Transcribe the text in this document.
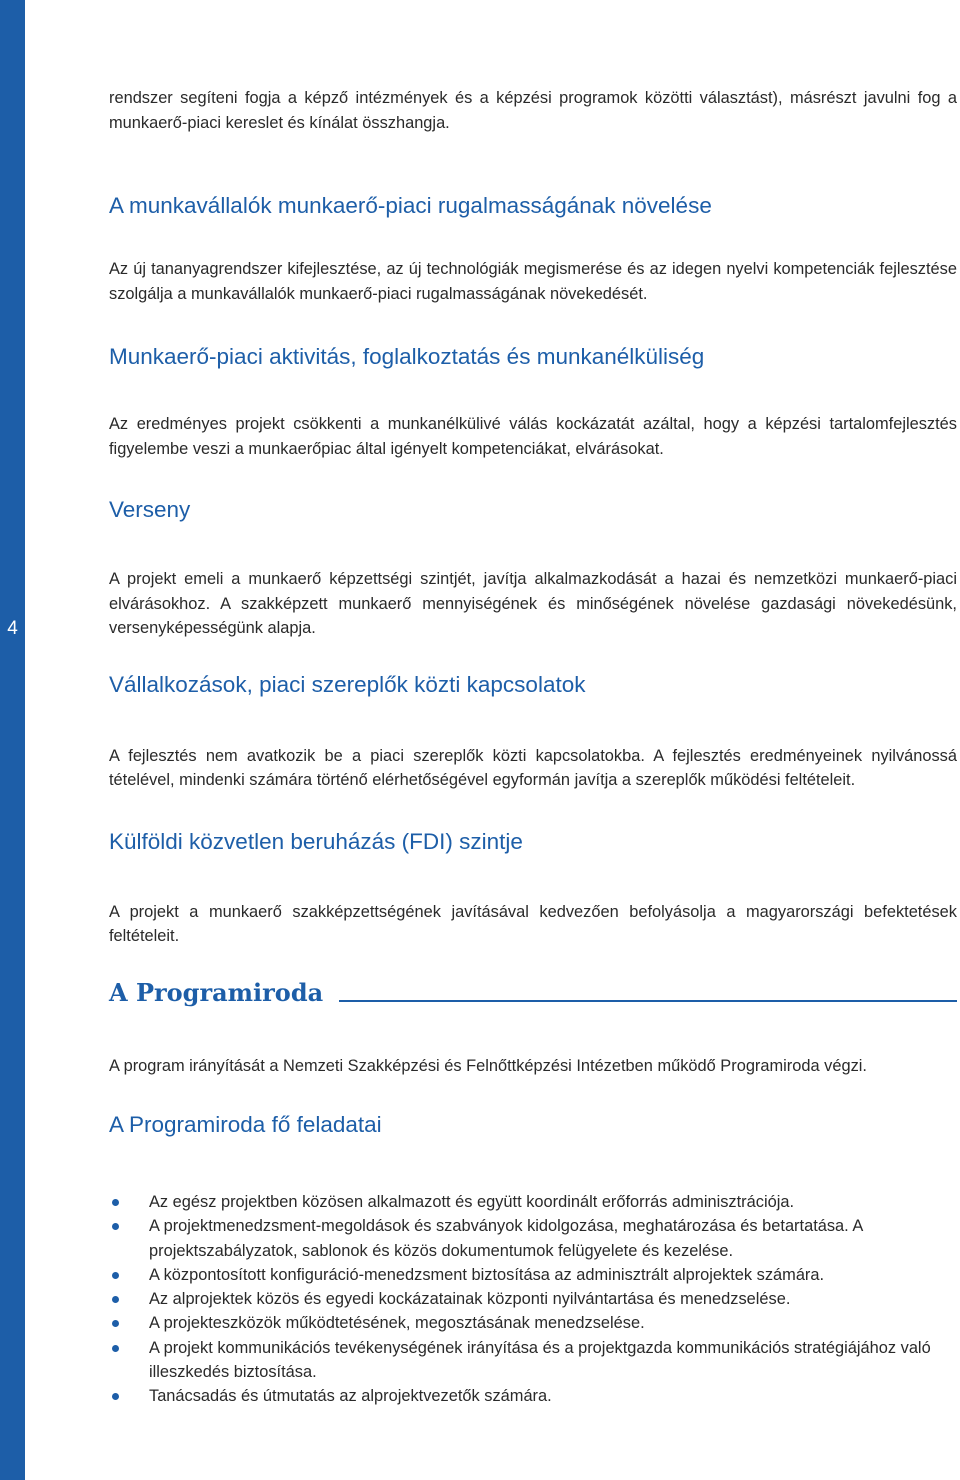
4

rendszer segíteni fogja a képző intézmények és a képzési programok közötti választást), másrészt javulni fog a munkaerő-piaci kereslet és kínálat összhangja.

A munkavállalók munkaerő-piaci rugalmasságának növelése

Az új tananyagrendszer kifejlesztése, az új technológiák megismerése és az idegen nyelvi kompetenciák fejlesztése szolgálja a munkavállalók munkaerő-piaci rugalmasságának növekedését.

Munkaerő-piaci aktivitás, foglalkoztatás és munkanélküliség

Az eredményes projekt csökkenti a munkanélkülivé válás kockázatát azáltal, hogy a képzési tartalomfejlesztés figyelembe veszi a munkaerőpiac által igényelt kompetenciákat, elvárásokat.

Verseny

A projekt emeli a munkaerő képzettségi szintjét, javítja alkalmazkodását a hazai és nemzetközi munkaerő-piaci elvárásokhoz. A szakképzett munkaerő mennyiségének és minőségének növelése gazdasági növekedésünk, versenyképességünk alapja.

Vállalkozások, piaci szereplők közti kapcsolatok

A fejlesztés nem avatkozik be a piaci szereplők közti kapcsolatokba. A fejlesztés eredményeinek nyilvánossá tételével, mindenki számára történő elérhetőségével egyformán javítja a szereplők működési feltételeit.

Külföldi közvetlen beruházás (FDI) szintje

A projekt a munkaerő szakképzettségének javításával kedvezően befolyásolja a magyarországi befektetések feltételeit.

A Programiroda

A program irányítását a Nemzeti Szakképzési és Felnőttképzési Intézetben működő Programiroda végzi.

A Programiroda fő feladatai
Az egész projektben közösen alkalmazott és együtt koordinált erőforrás adminisztrációja.
A projektmenedzsment-megoldások és szabványok kidolgozása, meghatározása és betartatása. A projektszabályzatok, sablonok és közös dokumentumok felügyelete és kezelése.
A központosított konfiguráció-menedzsment biztosítása az adminisztrált alprojektek számára.
Az alprojektek közös és egyedi kockázatainak központi nyilvántartása és menedzselése.
A projekteszközök működtetésének, megosztásának menedzselése.
A projekt kommunikációs tevékenységének irányítása és a projektgazda kommunikációs stratégiájához való illeszkedés biztosítása.
Tanácsadás és útmutatás az alprojektvezetők számára.
